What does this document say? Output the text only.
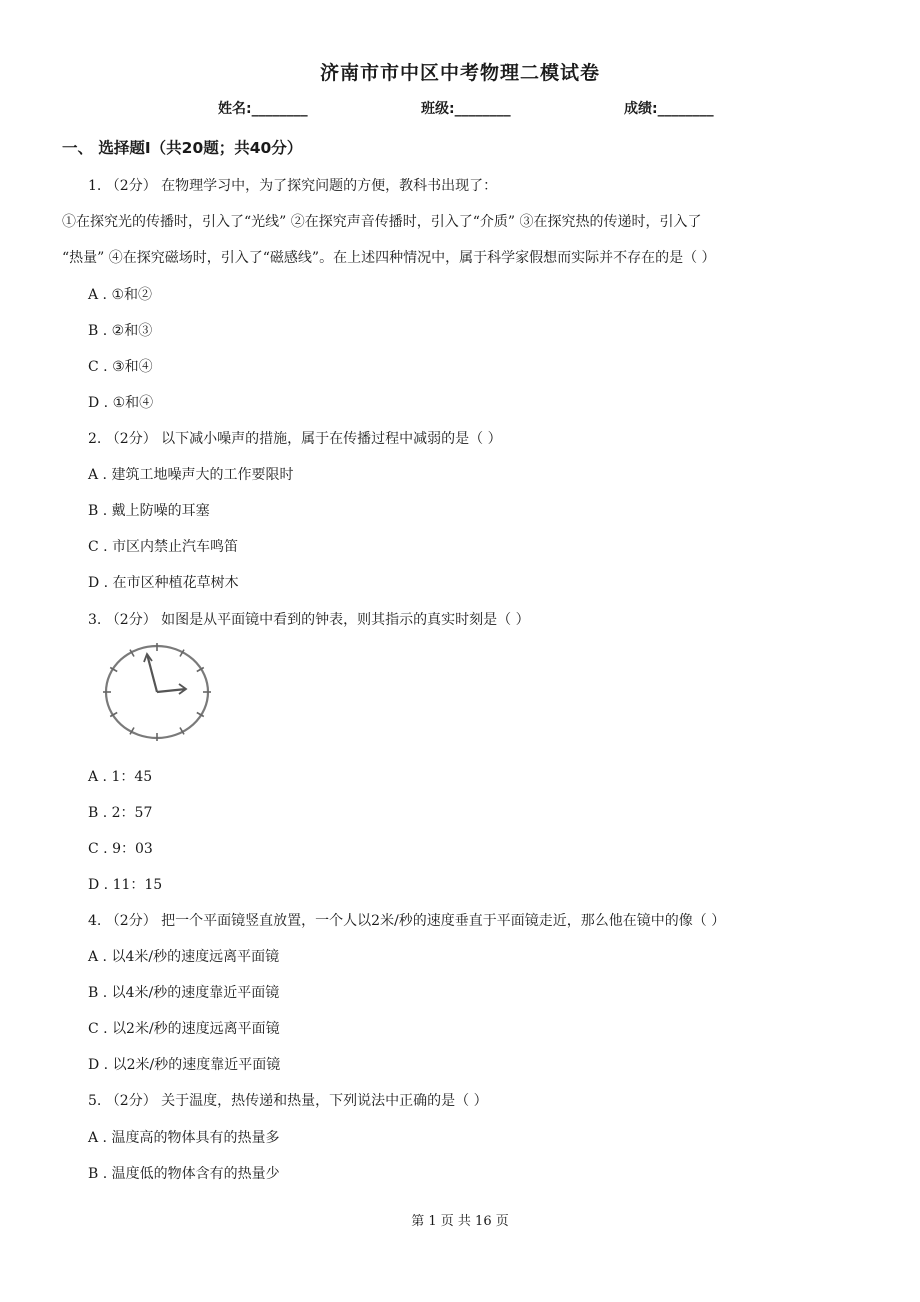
济南市市中区中考物理二模试卷
姓名:________	班级:________	成绩:________
一、 选择题Ⅰ（共20题；共40分）
1. （2分） 在物理学习中，为了探究问题的方便，教科书出现了：
①在探究光的传播时，引入了“光线” ②在探究声音传播时，引入了“介质” ③在探究热的传递时，引入了
“热量” ④在探究磁场时，引入了“磁感线”。在上述四种情况中，属于科学家假想而实际并不存在的是（ ）
A . ①和②
B . ②和③
C . ③和④
D . ①和④
2. （2分） 以下减小噪声的措施，属于在传播过程中减弱的是（ ）
A . 建筑工地噪声大的工作要限时
B . 戴上防噪的耳塞
C . 市区内禁止汽车鸣笛
D . 在市区种植花草树木
3. （2分） 如图是从平面镜中看到的钟表，则其指示的真实时刻是（ ）
A . 1：45
B . 2：57
C . 9：03
D . 11：15
4. （2分） 把一个平面镜竖直放置，一个人以2米/秒的速度垂直于平面镜走近，那么他在镜中的像（ ）
A . 以4米/秒的速度远离平面镜
B . 以4米/秒的速度靠近平面镜
C . 以2米/秒的速度远离平面镜
D . 以2米/秒的速度靠近平面镜
5. （2分） 关于温度，热传递和热量，下列说法中正确的是（ ）
A . 温度高的物体具有的热量多
B . 温度低的物体含有的热量少
第 1 页 共 16 页
